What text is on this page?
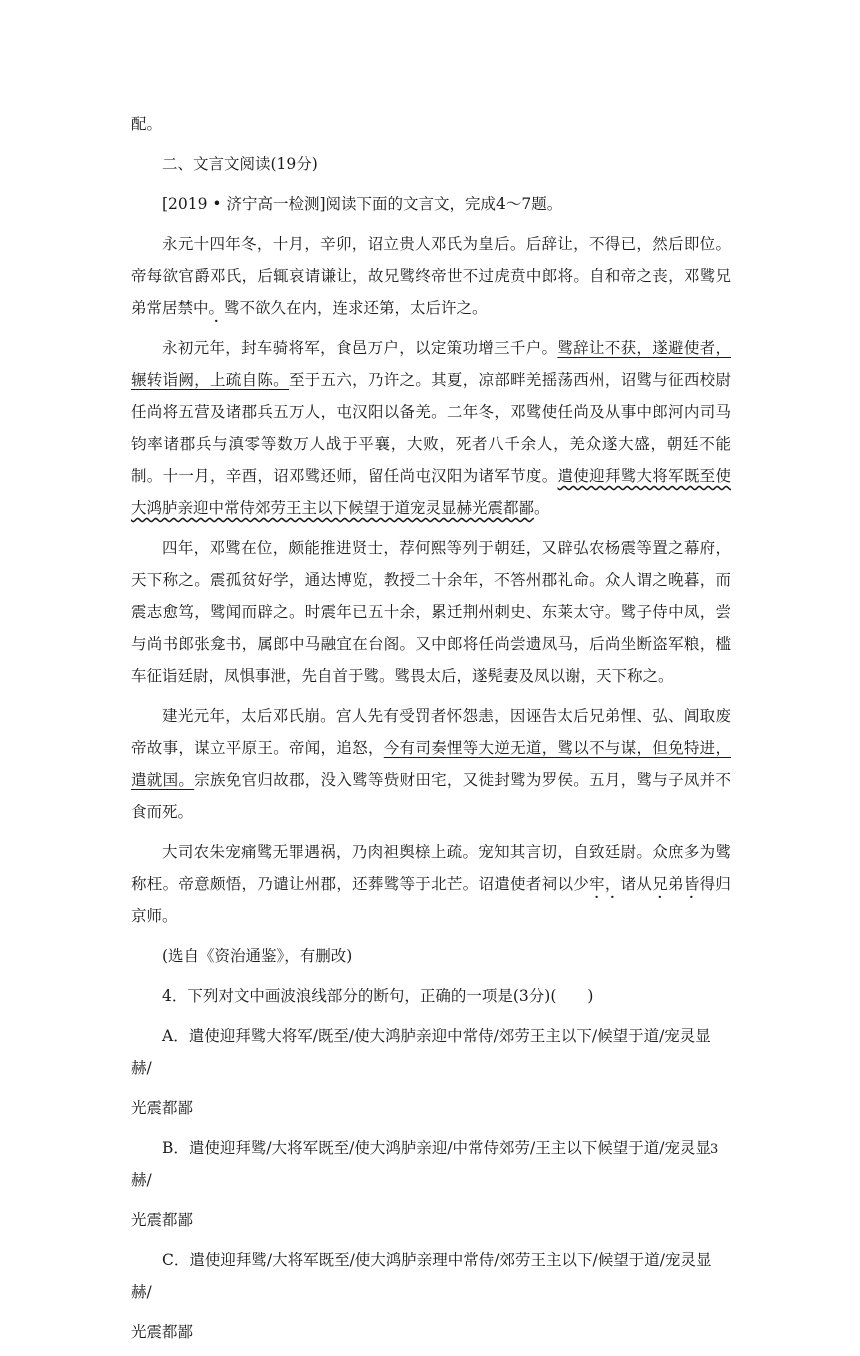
配。

二、文言文阅读(19分)

[2019 • 济宁高一检测]阅读下面的文言文，完成4～7题。

永元十四年冬，十月，辛卯，诏立贵人邓氏为皇后。后辞让，不得已，然后即位。帝每欲官爵邓氏，后辄哀请谦让，故兄骘终帝世不过虎贲中郎将。自和帝之丧，邓骘兄弟常居禁中。骘不欲久在内，连求还第，太后许之。

永初元年，封车骑将军，食邑万户，以定策功增三千户。骘辞让不获，遂避使者，辗转诣阙，上疏自陈。至于五六，乃许之。其夏，凉部畔羌摇荡西州，诏骘与征西校尉任尚将五营及诸郡兵五万人，屯汉阳以备羌。二年冬，邓骘使任尚及从事中郎河内司马钧率诸郡兵与滇零等数万人战于平襄，大败，死者八千余人，羌众遂大盛，朝廷不能制。十一月，辛酉，诏邓骘还师，留任尚屯汉阳为诸军节度。遣使迎拜骘大将军既至使大鸿胪亲迎中常侍郊劳王主以下候望于道宠灵显赫光震都鄙。

四年，邓骘在位，颇能推进贤士，荐何熙等列于朝廷，又辟弘农杨震等置之幕府，天下称之。震孤贫好学，通达博览，教授二十余年，不答州郡礼命。众人谓之晚暮，而震志愈笃，骘闻而辟之。时震年已五十余，累迁荆州刺史、东莱太守。骘子侍中凤，尝与尚书郎张龛书，属郎中马融宜在台阁。又中郎将任尚尝遗凤马，后尚坐断盗军粮，槛车征诣廷尉，凤惧事泄，先自首于骘。骘畏太后，遂髡妻及凤以谢，天下称之。

建光元年，太后邓氏崩。宫人先有受罚者怀怨恚，因诬告太后兄弟悝、弘、阊取废帝故事，谋立平原王。帝闻，追怒，今有司奏悝等大逆无道，骘以不与谋，但免特进，遣就国。宗族免官归故郡，没入骘等赀财田宅，又徙封骘为罗侯。五月，骘与子凤并不食而死。

大司农朱宠痛骘无罪遇祸，乃肉袒舆榇上疏。宠知其言切，自致廷尉。众庶多为骘称枉。帝意颇悟，乃谴让州郡，还葬骘等于北芒。诏遣使者祠以少牢，诸从兄弟皆得归京师。

(选自《资治通鉴》，有删改)

4．下列对文中画波浪线部分的断句，正确的一项是(3分)(　　)

A．遣使迎拜骘大将军/既至/使大鸿胪亲迎中常侍/郊劳王主以下/候望于道/宠灵显赫/

光震都鄙

B．遣使迎拜骘/大将军既至/使大鸿胪亲迎/中常侍郊劳/王主以下候望于道/宠灵显赫/

光震都鄙

C．遣使迎拜骘/大将军既至/使大鸿胪亲理中常侍/郊劳王主以下/候望于道/宠灵显赫/

光震都鄙

3
